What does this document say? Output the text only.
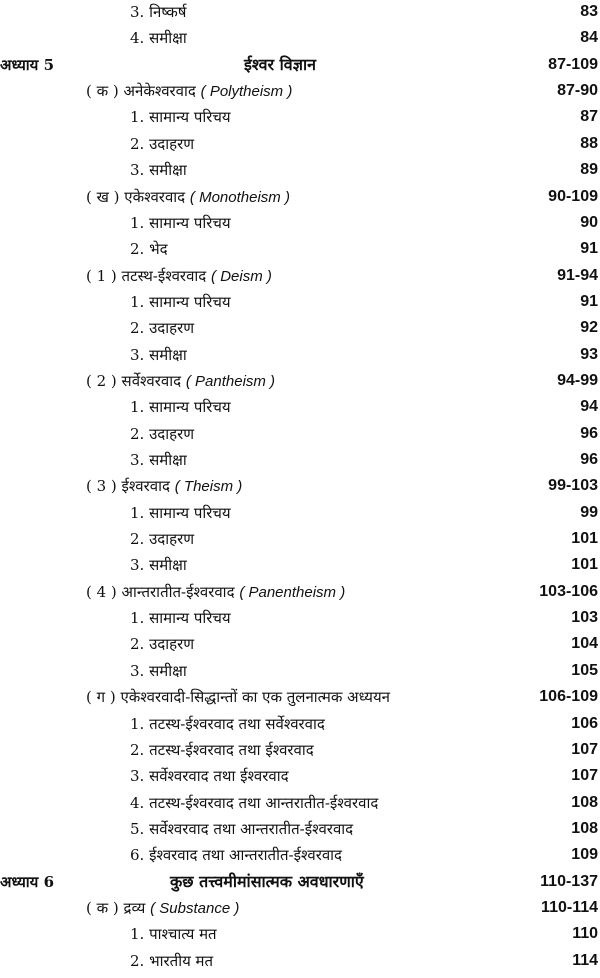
3. निष्कर्ष	83
4. समीक्षा	84
अध्याय 5	ईश्वर विज्ञान	87-109
( क ) अनेकेश्वरवाद ( Polytheism )	87-90
1. सामान्य परिचय	87
2. उदाहरण	88
3. समीक्षा	89
( ख ) एकेश्वरवाद ( Monotheism )	90-109
1. सामान्य परिचय	90
2. भेद	91
( 1 ) तटस्थ-ईश्वरवाद ( Deism )	91-94
1. सामान्य परिचय	91
2. उदाहरण	92
3. समीक्षा	93
( 2 ) सर्वेश्वरवाद ( Pantheism )	94-99
1. सामान्य परिचय	94
2. उदाहरण	96
3. समीक्षा	96
( 3 ) ईश्वरवाद ( Theism )	99-103
1. सामान्य परिचय	99
2. उदाहरण	101
3. समीक्षा	101
( 4 ) आन्तरातीत-ईश्वरवाद ( Panentheism )	103-106
1. सामान्य परिचय	103
2. उदाहरण	104
3. समीक्षा	105
( ग ) एकेश्वरवादी-सिद्धान्तों का एक तुलनात्मक अध्ययन	106-109
1. तटस्थ-ईश्वरवाद तथा सर्वेश्वरवाद	106
2. तटस्थ-ईश्वरवाद तथा ईश्वरवाद	107
3. सर्वेश्वरवाद तथा ईश्वरवाद	107
4. तटस्थ-ईश्वरवाद तथा आन्तरातीत-ईश्वरवाद	108
5. सर्वेश्वरवाद तथा आन्तरातीत-ईश्वरवाद	108
6. ईश्वरवाद तथा आन्तरातीत-ईश्वरवाद	109
अध्याय 6	कुछ तत्त्वमीमांसात्मक अवधारणाएँ	110-137
( क ) द्रव्य ( Substance )	110-114
1. पाश्चात्य मत	110
2. भारतीय मत	114
